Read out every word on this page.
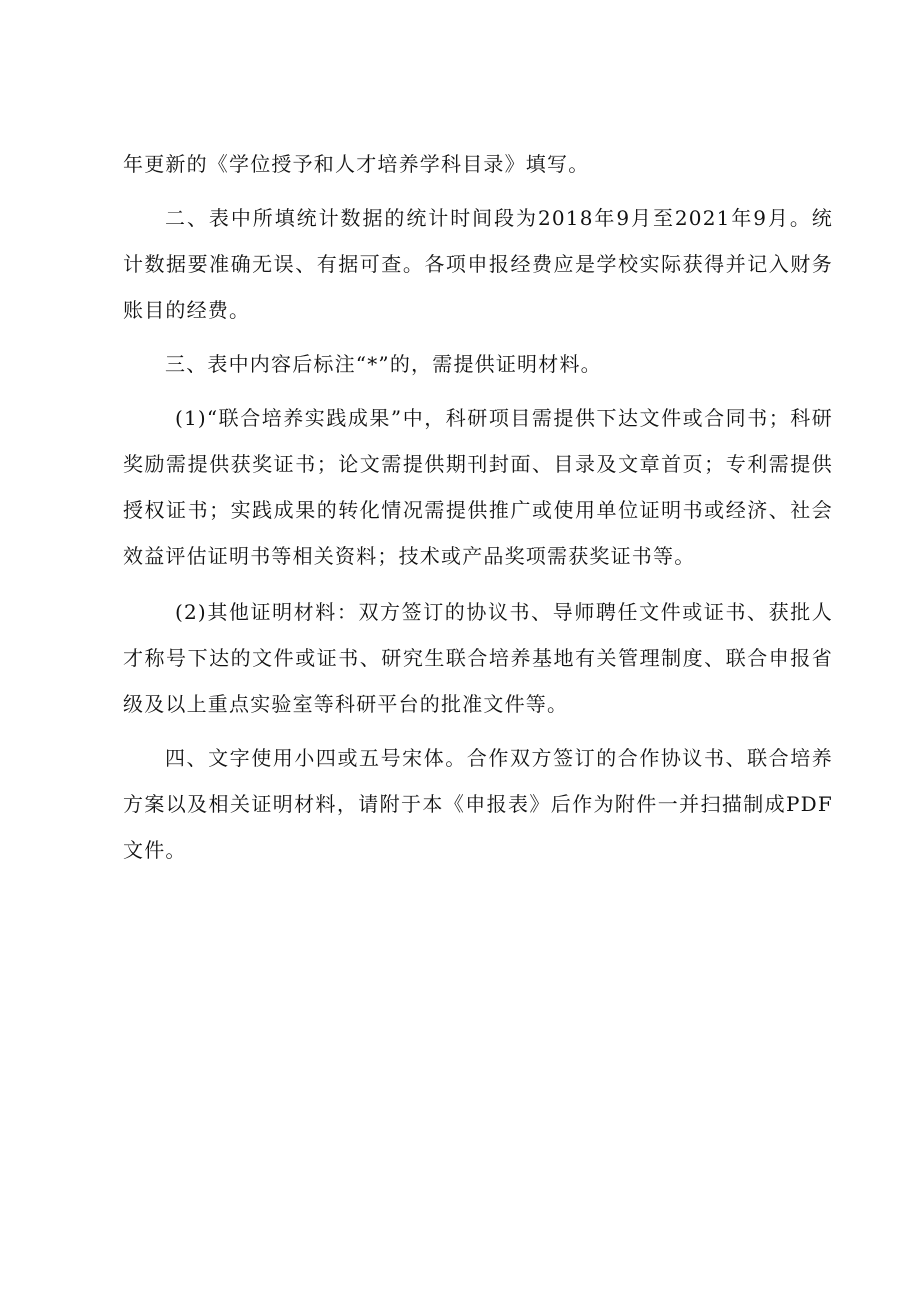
年更新的《学位授予和人才培养学科目录》填写。

二、表中所填统计数据的统计时间段为2018年9月至2021年9月。统计数据要准确无误、有据可查。各项申报经费应是学校实际获得并记入财务账目的经费。

三、表中内容后标注“*”的，需提供证明材料。

(1)“联合培养实践成果”中，科研项目需提供下达文件或合同书；科研奖励需提供获奖证书；论文需提供期刊封面、目录及文章首页；专利需提供授权证书；实践成果的转化情况需提供推广或使用单位证明书或经济、社会效益评估证明书等相关资料；技术或产品奖项需获奖证书等。

(2)其他证明材料：双方签订的协议书、导师聘任文件或证书、获批人才称号下达的文件或证书、研究生联合培养基地有关管理制度、联合申报省级及以上重点实验室等科研平台的批准文件等。

四、文字使用小四或五号宋体。合作双方签订的合作协议书、联合培养方案以及相关证明材料，请附于本《申报表》后作为附件一并扫描制成PDF文件。
